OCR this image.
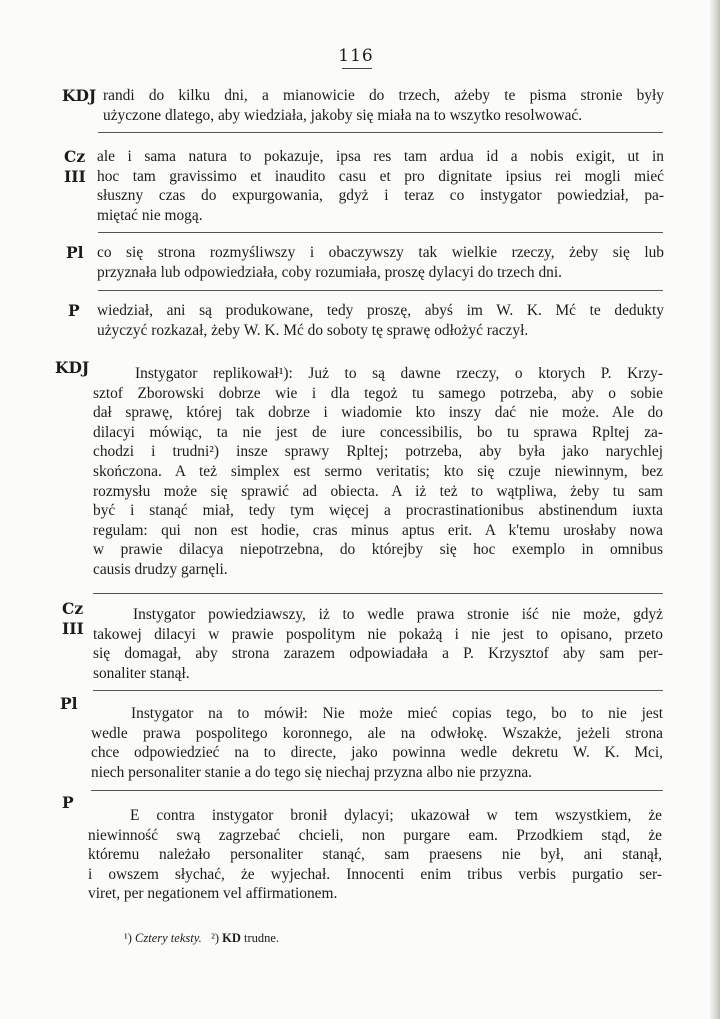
116
KDJ randi do kilku dni, a mianowicie do trzech, ażeby te pisma stronie były
użyczone dlatego, aby wiedziała, jakoby się miała na to wszytko resolwować.
Cz
III
ale i sama natura to pokazuje, ipsa res tam ardua id a nobis exigit, ut in
hoc tam gravissimo et inaudito casu et pro dignitate ipsius rei mogli mieć
słuszny czas do expurgowania, gdyż i teraz co instygator powiedział, pa-
miętać nie mogą.
Pl co się strona rozmyśliwszy i obaczywszy tak wielkie rzeczy, żeby się lub
przyznała lub odpowiedziała, coby rozumiała, proszę dylacyi do trzech dni.
P wiedział, ani są produkowane, tedy proszę, abyś im W. K. Mć te dedukty
użyczyć rozkazał, żeby W. K. Mć do soboty tę sprawę odłożyć raczył.
KDJ	Instygator replikował¹): Już to są dawne rzeczy, o ktorych P. Krzy-
sztof Zborowski dobrze wie i dla tegoż tu samego potrzeba, aby o sobie
dał sprawę, której tak dobrze i wiadomie kto inszy dać nie może. Ale do
dilacyi mówiąc, ta nie jest de iure concessibilis, bo tu sprawa Rpltej za-
chodzi i trudni²) insze sprawy Rpltej; potrzeba, aby była jako narychlej
skończona. A też simplex est sermo veritatis; kto się czuje niewinnym, bez
rozmysłu może się sprawić ad obiecta. A iż też to wątpliwa, żeby tu sam
być i stanąć miał, tedy tym więcej a procrastinationibus abstinendum iuxta
regulam: qui non est hodie, cras minus aptus erit. A k'temu urosłaby nowa
w prawie dilacya niepotrzebna, do którejby się hoc exemplo in omnibus
causis drudzy garnęli.
Cz
III
Instygator powiedziawszy, iż to wedle prawa stronie iść nie może, gdyż
takowej dilacyi w prawie pospolitym nie pokażą i nie jest to opisano, przeto
się domagał, aby strona zarazem odpowiadała a P. Krzysztof aby sam per-
sonaliter stanął.
Pl
Instygator na to mówił: Nie może mieć copias tego, bo to nie jest
wedle prawa pospolitego koronnego, ale na odwłokę. Wszakże, jeżeli strona
chce odpowiedzieć na to directe, jako powinna wedle dekretu W. K. Mci,
niech personaliter stanie a do tego się niechaj przyzna albo nie przyzna.
P
E contra instygator bronił dylacyi; ukazował w tem wszystkiem, że
niewinność swą zagrzebać chcieli, non purgare eam. Przodkiem stąd, że
któremu należało personaliter stanąć, sam praesens nie był, ani stanął,
i owszem słychać, że wyjechał. Innocenti enim tribus verbis purgatio ser-
viret, per negationem vel affirmationem.
¹) Cztery teksty. ²) KD trudne.
